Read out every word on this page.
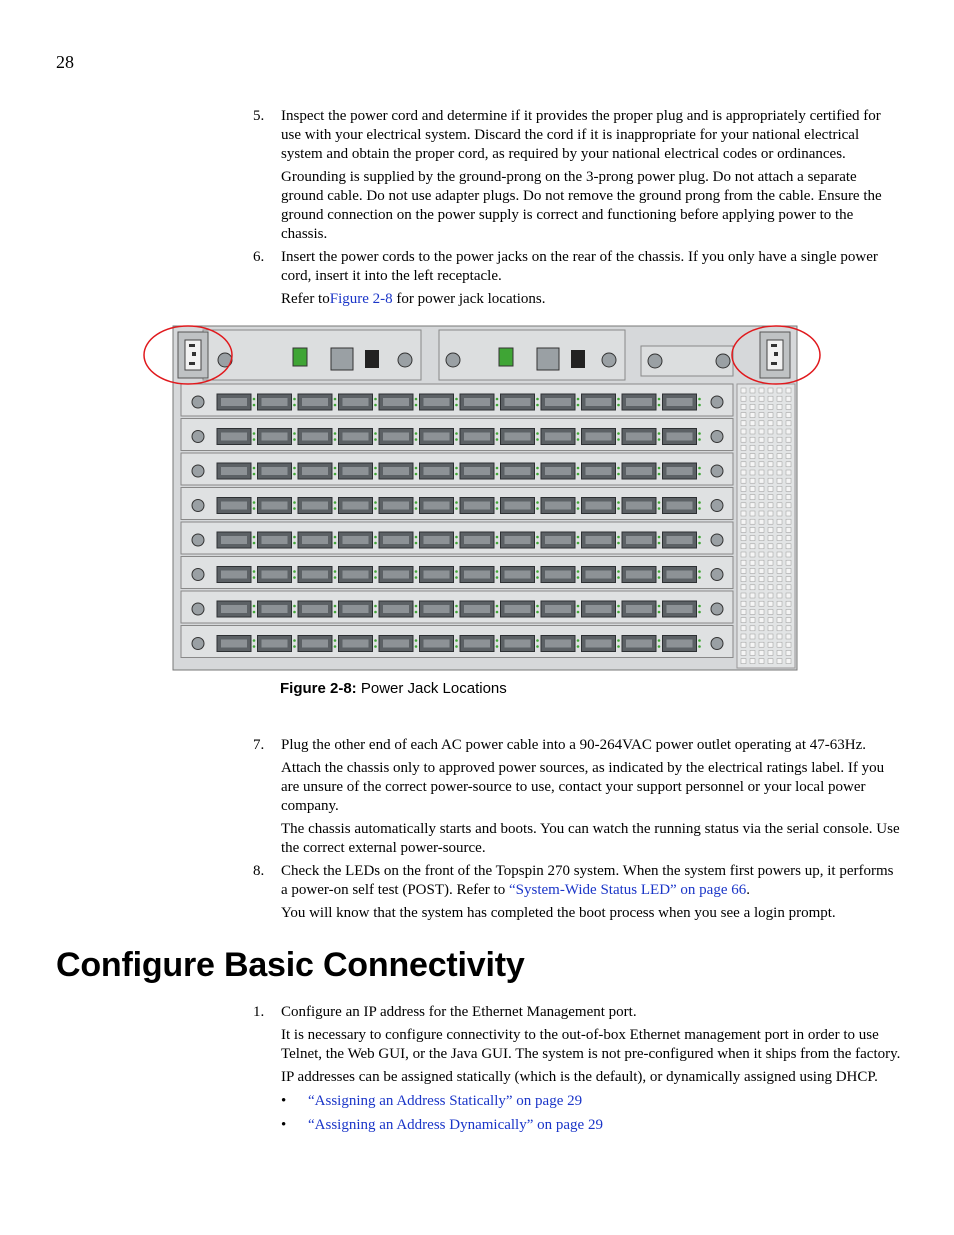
28
5. Inspect the power cord and determine if it provides the proper plug and is appropriately certified for use with your electrical system. Discard the cord if it is inappropriate for your national electrical system and obtain the proper cord, as required by your national electrical codes or ordinances.

Grounding is supplied by the ground-prong on the 3-prong power plug. Do not attach a separate ground cable. Do not use adapter plugs. Do not remove the ground prong from the cable. Ensure the ground connection on the power supply is correct and functioning before applying power to the chassis.

6. Insert the power cords to the power jacks on the rear of the chassis. If you only have a single power cord, insert it into the left receptacle.

Refer toFigure 2-8 for power jack locations.

Figure 2-8: Power Jack Locations
7. Plug the other end of each AC power cable into a 90-264VAC power outlet operating at 47-63Hz.

Attach the chassis only to approved power sources, as indicated by the electrical ratings label. If you are unsure of the correct power-source to use, contact your support personnel or your local power company.

The chassis automatically starts and boots. You can watch the running status via the serial console. Use the correct external power-source.

8. Check the LEDs on the front of the Topspin 270 system. When the system first powers up, it performs a power-on self test (POST). Refer to “System-Wide Status LED” on page 66.

You will know that the system has completed the boot process when you see a login prompt.

Configure Basic Connectivity
1. Configure an IP address for the Ethernet Management port.

It is necessary to configure connectivity to the out-of-box Ethernet management port in order to use Telnet, the Web GUI, or the Java GUI. The system is not pre-configured when it ships from the factory.

IP addresses can be assigned statically (which is the default), or dynamically assigned using DHCP.

• “Assigning an Address Statically” on page 29
• “Assigning an Address Dynamically” on page 29
